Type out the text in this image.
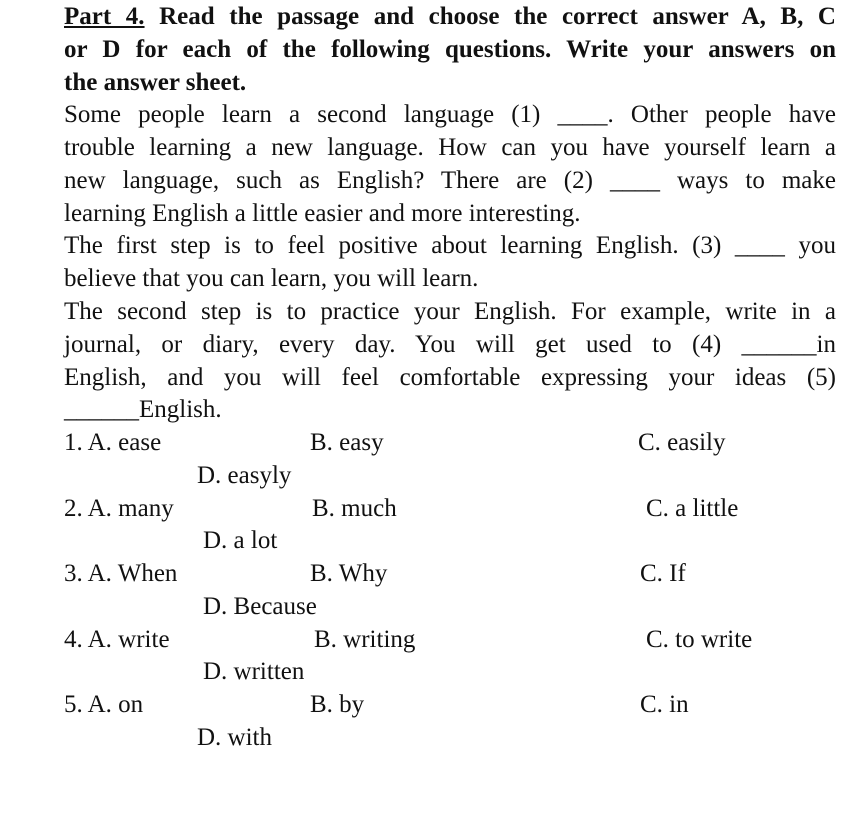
Part 4. Read the passage and choose the correct answer A, B, C
or D for each of the following questions. Write your answers on
the answer sheet.
Some people learn a second language (1) ____. Other people have
trouble learning a new language. How can you have yourself learn a
new language, such as English? There are (2) ____ ways to make
learning English a little easier and more interesting.
The first step is to feel positive about learning English. (3) ____ you
believe that you can learn, you will learn.
The second step is to practice your English. For example, write in a
journal, or diary, every day. You will get used to (4) ______in
English, and you will feel comfortable expressing your ideas (5)
______English.
1. A. ease	B. easy	C. easily
D. easyly
2. A. many	B. much	C. a little
D. a lot
3. A. When	B. Why	C. If
D. Because
4. A. write	B. writing	C. to write
D. written
5. A. on	B. by	C. in
D. with
